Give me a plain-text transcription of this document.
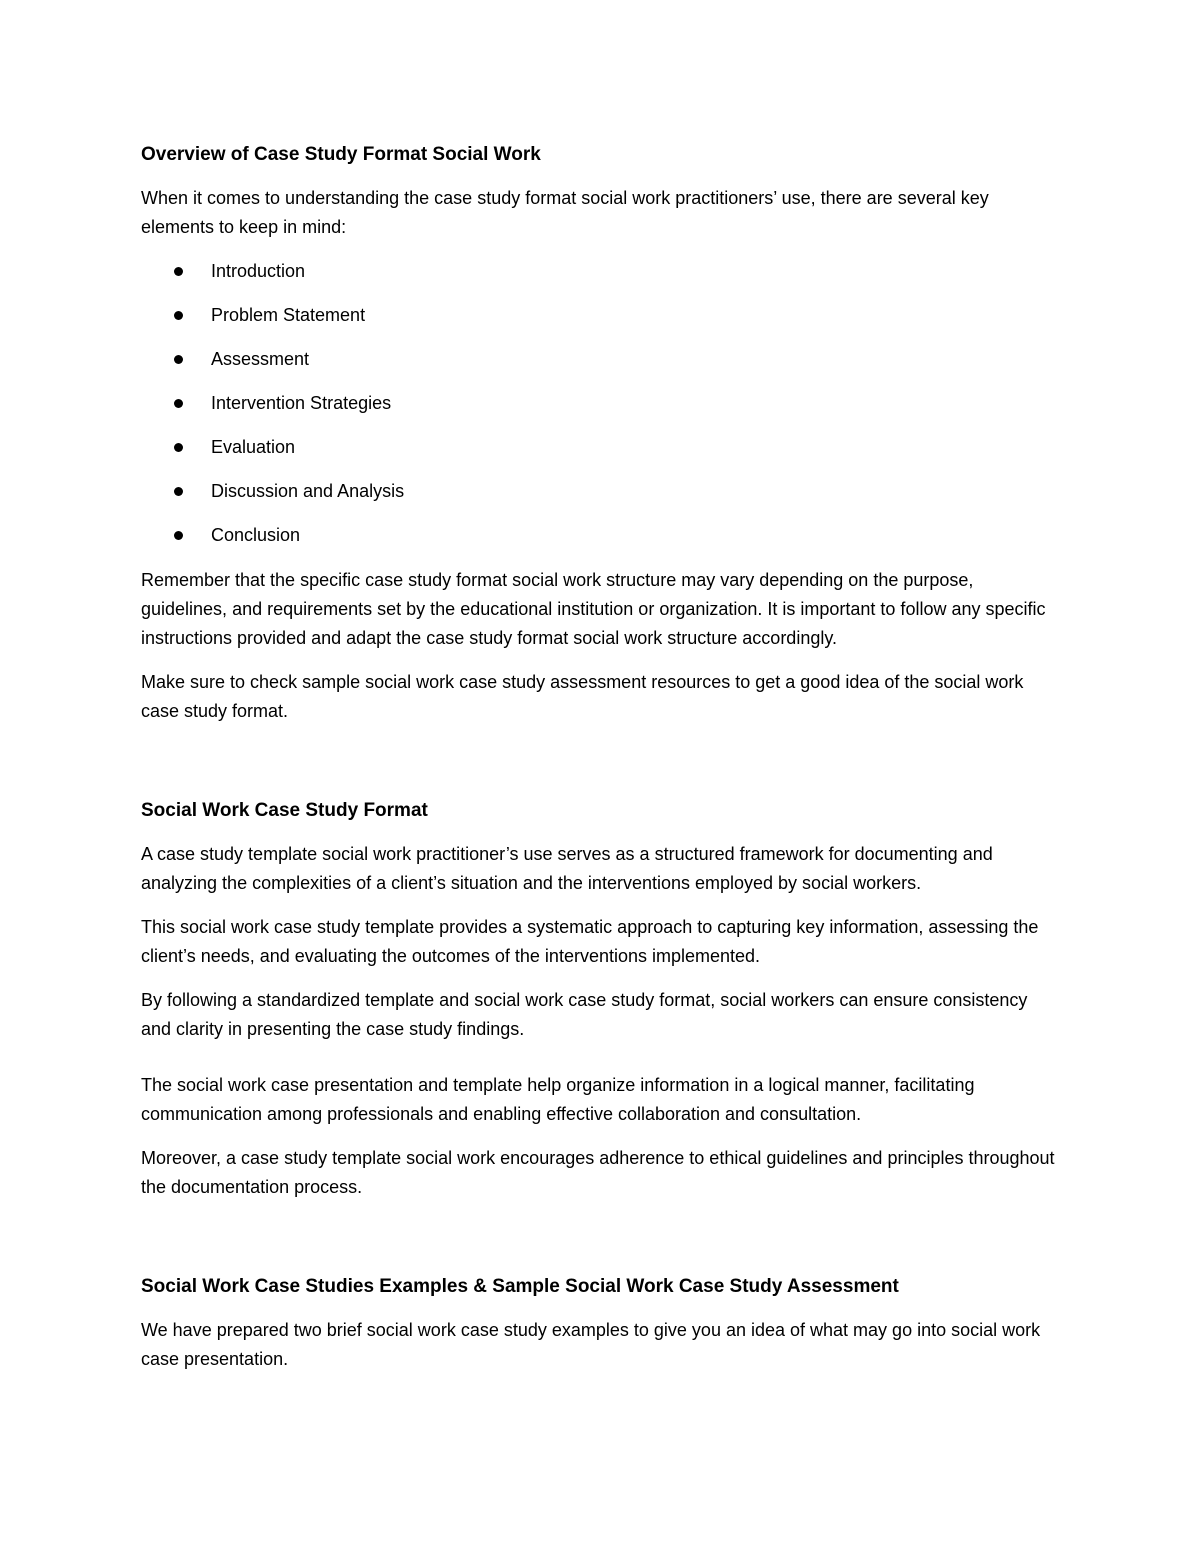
Overview of Case Study Format Social Work

When it comes to understanding the case study format social work practitioners’ use, there are several key elements to keep in mind:

Introduction
Problem Statement
Assessment
Intervention Strategies
Evaluation
Discussion and Analysis
Conclusion

Remember that the specific case study format social work structure may vary depending on the purpose, guidelines, and requirements set by the educational institution or organization. It is important to follow any specific instructions provided and adapt the case study format social work structure accordingly.

Make sure to check sample social work case study assessment resources to get a good idea of the social work case study format.

Social Work Case Study Format

A case study template social work practitioner’s use serves as a structured framework for documenting and analyzing the complexities of a client’s situation and the interventions employed by social workers.

This social work case study template provides a systematic approach to capturing key information, assessing the client’s needs, and evaluating the outcomes of the interventions implemented.

By following a standardized template and social work case study format, social workers can ensure consistency and clarity in presenting the case study findings.

The social work case presentation and template help organize information in a logical manner, facilitating communication among professionals and enabling effective collaboration and consultation.

Moreover, a case study template social work encourages adherence to ethical guidelines and principles throughout the documentation process.

Social Work Case Studies Examples & Sample Social Work Case Study Assessment

We have prepared two brief social work case study examples to give you an idea of what may go into social work case presentation.
